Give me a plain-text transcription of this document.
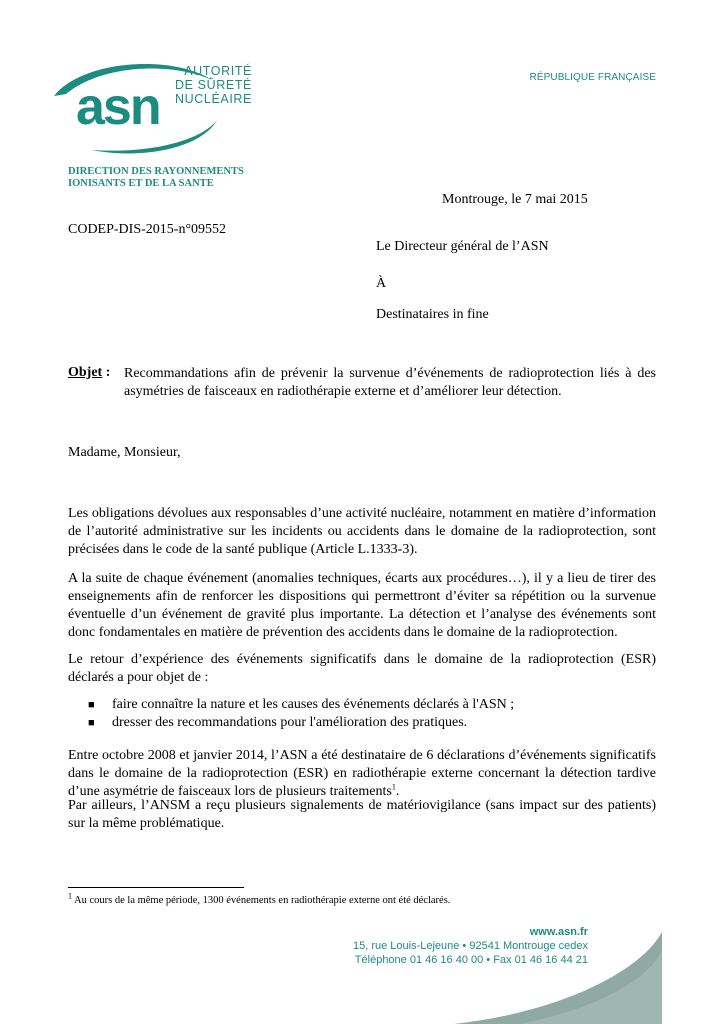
asn
AUTORITÉ
DE SÛRETÉ
NUCLÉAIRE
RÉPUBLIQUE FRANÇAISE
DIRECTION DES RAYONNEMENTS
IONISANTS ET DE LA SANTE
Montrouge, le 7 mai 2015
CODEP-DIS-2015-n°09552
Le Directeur général de l’ASN
À
Destinataires in fine
Objet : Recommandations afin de prévenir la survenue d’événements de radioprotection liés à des asymétries de faisceaux en radiothérapie externe et d’améliorer leur détection.
Madame, Monsieur,
Les obligations dévolues aux responsables d’une activité nucléaire, notamment en matière d’information de l’autorité administrative sur les incidents ou accidents dans le domaine de la radioprotection, sont précisées dans le code de la santé publique (Article L.1333-3).
A la suite de chaque événement (anomalies techniques, écarts aux procédures…), il y a lieu de tirer des enseignements afin de renforcer les dispositions qui permettront d’éviter sa répétition ou la survenue éventuelle d’un événement de gravité plus importante. La détection et l’analyse des événements sont donc fondamentales en matière de prévention des accidents dans le domaine de la radioprotection.
Le retour d’expérience des événements significatifs dans le domaine de la radioprotection (ESR) déclarés a pour objet de :
■ faire connaître la nature et les causes des événements déclarés à l'ASN ;
■ dresser des recommandations pour l'amélioration des pratiques.
Entre octobre 2008 et janvier 2014, l’ASN a été destinataire de 6 déclarations d’événements significatifs dans le domaine de la radioprotection (ESR) en radiothérapie externe concernant la détection tardive d’une asymétrie de faisceaux lors de plusieurs traitements$^1$.
Par ailleurs, l’ANSM a reçu plusieurs signalements de matériovigilance (sans impact sur des patients) sur la même problématique.
$^1$ Au cours de la même période, 1300 événements en radiothérapie externe ont été déclarés.
www.asn.fr
15, rue Louis-Lejeune • 92541 Montrouge cedex
Téléphone 01 46 16 40 00 • Fax 01 46 16 44 21
